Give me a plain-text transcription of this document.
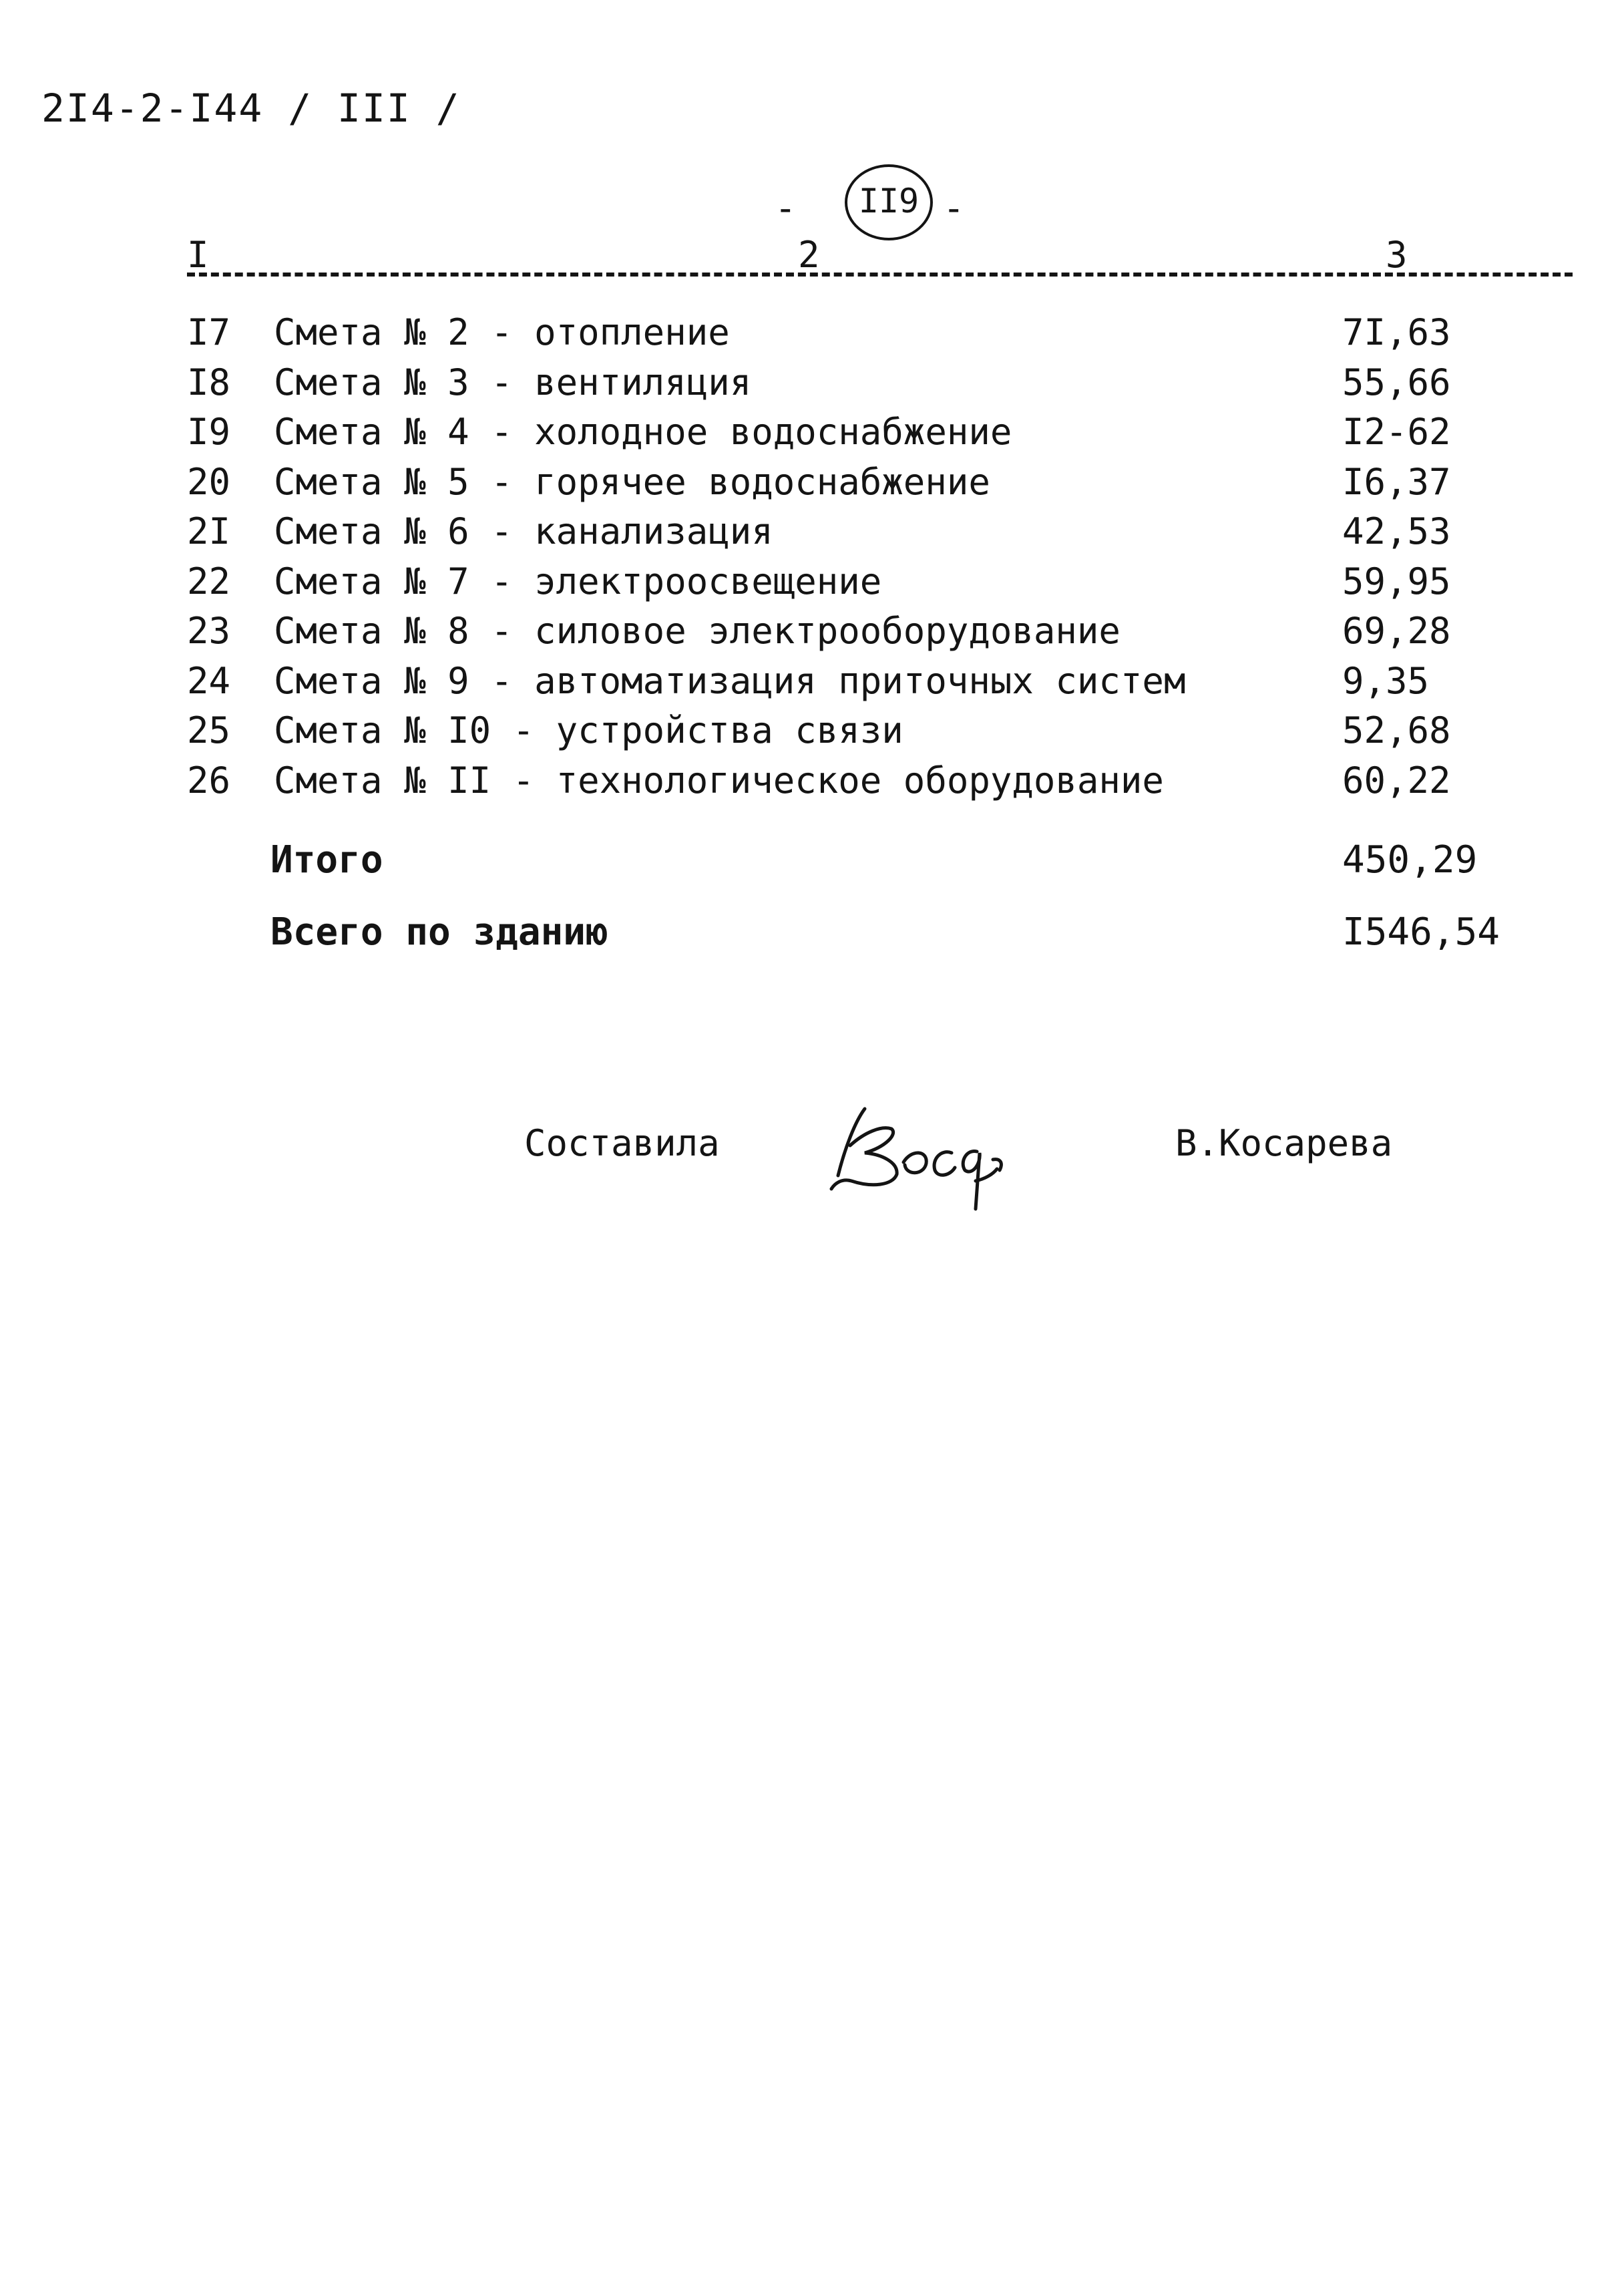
2I4-2-I44 / III /
-	II9 -
I	2	3
I7	Смета № 2 - отопление	7I,63
I8	Смета № 3 - вентиляция	55,66
I9	Смета № 4 - холодное водоснабжение	I2-62
20	Смета № 5 - горячее водоснабжение	I6,37
2I	Смета № 6 - канализация	42,53
22	Смета № 7 - электроосвещение	59,95
23	Смета № 8 - силовое электрооборудование	69,28
24	Смета № 9 - автоматизация приточных систем	9,35
25	Смета № I0 - устройства связи	52,68
26	Смета № II - технологическое оборудование	60,22
Итого	450,29
Всего по зданию	I546,54
Составила	В.Косарева
